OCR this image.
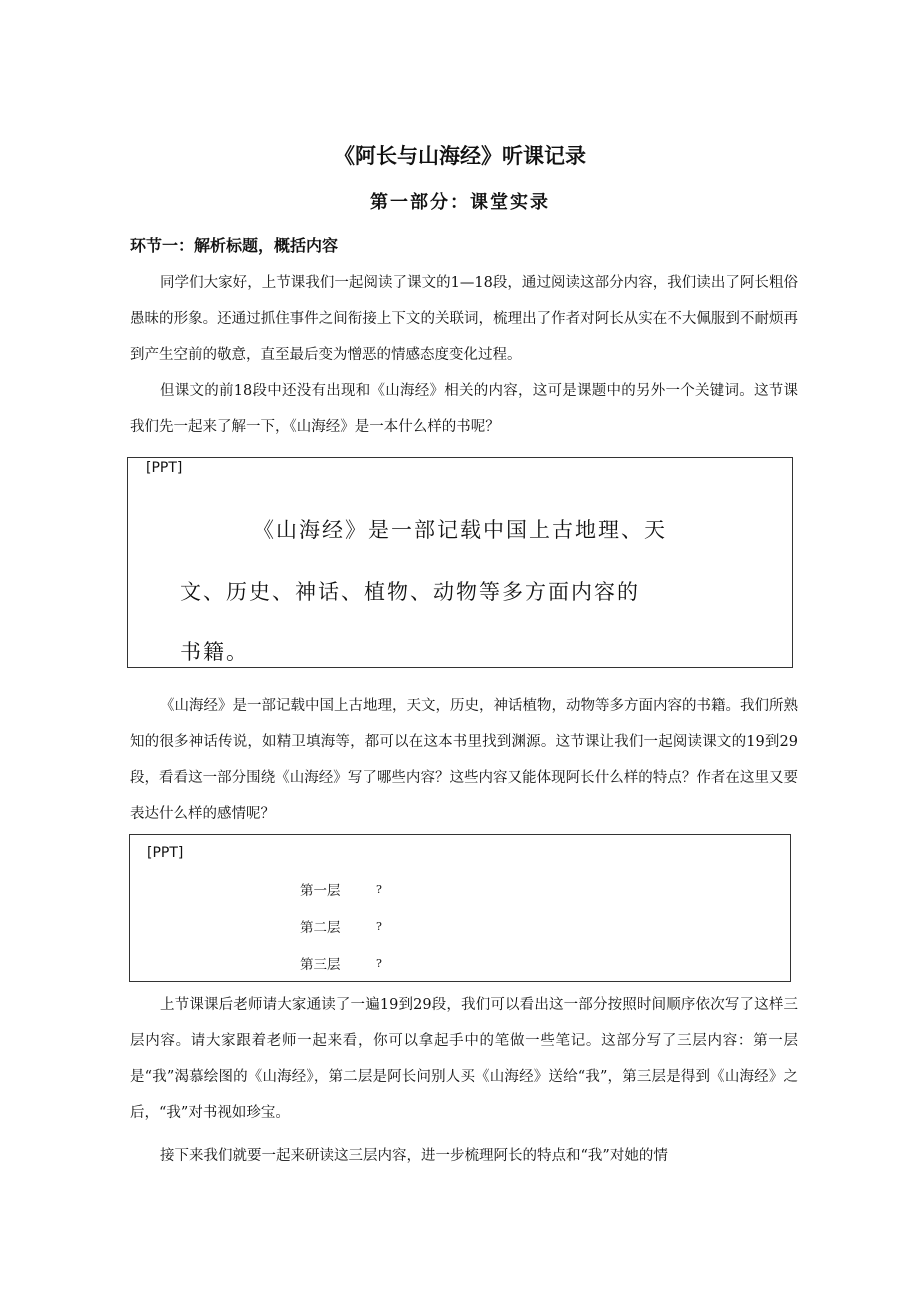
《阿长与山海经》听课记录
第一部分：课堂实录
环节一：解析标题，概括内容

同学们大家好，上节课我们一起阅读了课文的1—18段，通过阅读这部分内容，我们读出了阿长粗俗愚昧的形象。还通过抓住事件之间衔接上下文的关联词，梳理出了作者对阿长从实在不大佩服到不耐烦再到产生空前的敬意，直至最后变为憎恶的情感态度变化过程。

但课文的前18段中还没有出现和《山海经》相关的内容，这可是课题中的另外一个关键词。这节课我们先一起来了解一下，《山海经》是一本什么样的书呢？

[PPT]
《山海经》是一部记载中国上古地理、天
文、历史、神话、植物、动物等多方面内容的
书籍。

《山海经》是一部记载中国上古地理，天文，历史，神话植物，动物等多方面内容的书籍。我们所熟知的很多神话传说，如精卫填海等，都可以在这本书里找到渊源。这节课让我们一起阅读课文的19到29段，看看这一部分围绕《山海经》写了哪些内容？这些内容又能体现阿长什么样的特点？作者在这里又要表达什么样的感情呢？

[PPT]
第一层	?
第二层	?
第三层	?

上节课课后老师请大家通读了一遍19到29段，我们可以看出这一部分按照时间顺序依次写了这样三层内容。请大家跟着老师一起来看，你可以拿起手中的笔做一些笔记。这部分写了三层内容：第一层是“我”渴慕绘图的《山海经》，第二层是阿长问别人买《山海经》送给“我”，第三层是得到《山海经》之后，“我”对书视如珍宝。

接下来我们就要一起来研读这三层内容，进一步梳理阿长的特点和“我”对她的情
